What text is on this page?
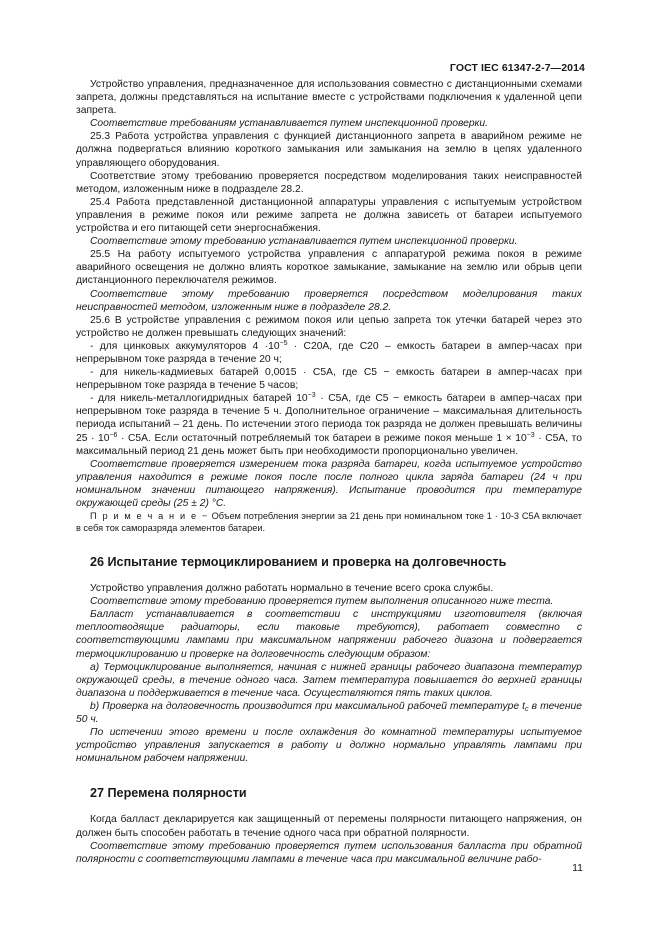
ГОСТ IEC 61347-2-7—2014

Устройство управления, предназначенное для использования совместно с дистанционными схемами запрета, должны представляться на испытание вместе с устройствами подключения к удаленной цепи запрета.

Соответствие требованиям устанавливается путем инспекционной проверки.

25.3 Работа устройства управления с функцией дистанционного запрета в аварийном режиме не должна подвергаться влиянию короткого замыкания или замыкания на землю в цепях удаленного управляющего оборудования.

Соответствие этому требованию проверяется посредством моделирования таких неисправностей методом, изложенным ниже в подразделе 28.2.

25.4 Работа представленной дистанционной аппаратуры управления с испытуемым устройством управления в режиме покоя или режиме запрета не должна зависеть от батареи испытуемого устройства и его питающей сети энергоснабжения.

Соответствие этому требованию устанавливается путем инспекционной проверки.

25.5 На работу испытуемого устройства управления с аппаратурой режима покоя в режиме аварийного освещения не должно влиять короткое замыкание, замыкание на землю или обрыв цепи дистанционного переключателя режимов.

Соответствие этому требованию проверяется посредством моделирования таких неисправностей методом, изложенным ниже в подразделе 28.2.

25.6 В устройстве управления с режимом покоя или цепью запрета ток утечки батарей через это устройство не должен превышать следующих значений:

- для цинковых аккумуляторов $4 \cdot 10^{-5} \cdot C20A$, где C20 – емкость батареи в ампер-часах при непрерывном токе разряда в течение 20 ч;

- для никель-кадмиевых батарей 0,0015 · C5A, где C5 − емкость батареи в ампер-часах при непрерывном токе разряда в течение 5 часов;

- для никель-металлогидридных батарей $10^{-3} \cdot C5A$, где C5 − емкость батареи в ампер-часах при непрерывном токе разряда в течение 5 ч. Дополнительное ограничение – максимальная длительность периода испытаний – 21 день. По истечении этого периода ток разряда не должен превышать величины $25 \cdot 10^{-6} \cdot C5A$. Если остаточный потребляемый ток батареи в режиме покоя меньше $1 \times 10^{-3} \cdot C5A$, то максимальный период 21 день может быть при необходимости пропорционально увеличен.

Соответствие проверяется измерением тока разряда батареи, когда испытуемое устройство управления находится в режиме покоя после после полного цикла заряда батареи (24 ч при номинальном значении питающего напряжения). Испытание проводится при температуре окружающей среды (25 ± 2) °С.

П р и м е ч а н и е − Объем потребления энергии за 21 день при номинальном токе 1 · 10-3 C5A включает в себя ток саморазряда элементов батареи.

26 Испытание термоциклированием и проверка на долговечность

Устройство управления должно работать нормально в течение всего срока службы.

Соответствие этому требованию проверяется путем выполнения описанного ниже теста.

Балласт устанавливается в соответствии с инструкциями изготовителя (включая теплоотводящие радиаторы, если таковые требуются), работает совместно с соответствующими лампами при максимальном напряжении рабочего диазона и подвергается термоциклированию и проверке на долговечность следующим образом:

а) Термоциклирование выполняется, начиная с нижней границы рабочего диапазона температур окружающей среды, в течение одного часа. Затем температура повышается до верхней границы диапазона и поддерживается в течение часа. Осуществляются пять таких циклов.

b) Проверка на долговечность производится при максимальной рабочей температуре $t_c$ в течение 50 ч.

По истечении этого времени и после охлаждения до комнатной температуры испытуемое устройство управления запускается в работу и должно нормально управлять лампами при номинальном рабочем напряжении.

27 Перемена полярности

Когда балласт декларируется как защищенный от перемены полярности питающего напряжения, он должен быть способен работать в течение одного часа при обратной полярности.

Соответствие этому требованию проверяется путем использования балласта при обратной полярности с соответствующими лампами в течение часа при максимальной величине рабо-

11
